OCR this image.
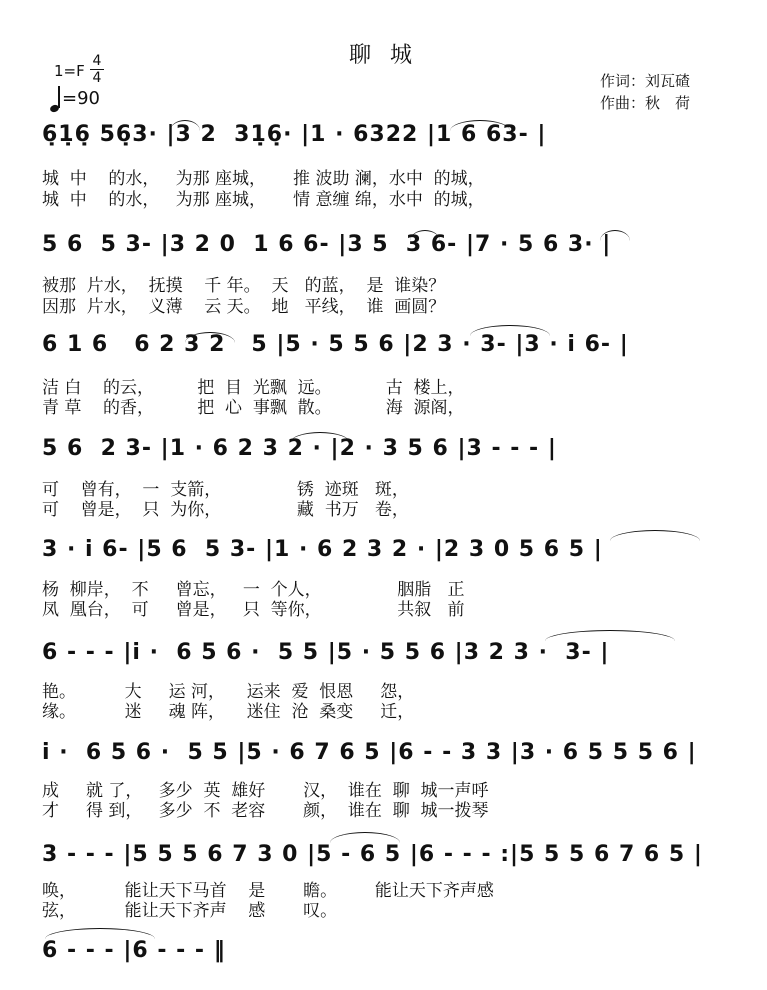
聊 城
1=F
4
4
=90
作词：刘瓦碴
作曲：秋　荷
6̣1̣6̣ 56̣3· |3 2  31̣6̣· |1 · 6322 |1 6 63- |
城  中    的水，   为那 座城，     推 波助 澜，水中  的城，
城  中    的水，   为那 座城，     情 意缠 绵，水中  的城，
5 6  5 3- |3 2 0  1 6 6- |3 5  3 6- |7 · 5 6 3· |
被那  片水，  抚摸    千 年。  天   的蓝，  是  谁染？
因那  片水，  义薄    云 天。  地   平线，  谁  画圆？
6 1 6   6 2 3 2   5 |5 · 5 5 6 |2 3 · 3- |3 · i 6- |
洁 白    的云，        把  目  光飘  远。          古  楼上，
青 草    的香，        把  心  事飘  散。          海  源阁，
5 6  2 3- |1 · 6 2 3 2 · |2 · 3 5 6 |3 - - - |
可    曾有，  一  支箭，              锈  迹斑   斑，
可    曾是，  只  为你，              藏  书万   卷，
3 · i 6- |5 6  5 3- |1 · 6 2 3 2 · |2 3 0 5 6 5 |
杨  柳岸，  不     曾忘，   一  个人，              胭脂   正
凤  凰台，  可     曾是，   只  等你，              共叙   前
6 - - - |i ·  6 5 6 ·  5 5 |5 · 5 5 6 |3 2 3 ·  3- |
艳。         大     运 河，    运来  爱  恨恩     怨，
缘。         迷     魂 阵，    迷住  沧  桑变     迁，
i ·  6 5 6 ·  5 5 |5 · 6 7 6 5 |6 - - 3 3 |3 · 6 5 5 5 6 |
成     就 了，   多少  英  雄好       汉，  谁在  聊  城一声呼
才     得 到，   多少  不  老容       颜，  谁在  聊  城一拨琴
3 - - - |5 5 5 6 7 3 0 |5 - 6 5 |6 - - - :|5 5 5 6 7 6 5 |
唤，         能让天下马首    是       瞻。       能让天下齐声感
弦，         能让天下齐声    感       叹。
6 - - - |6 - - - ‖
